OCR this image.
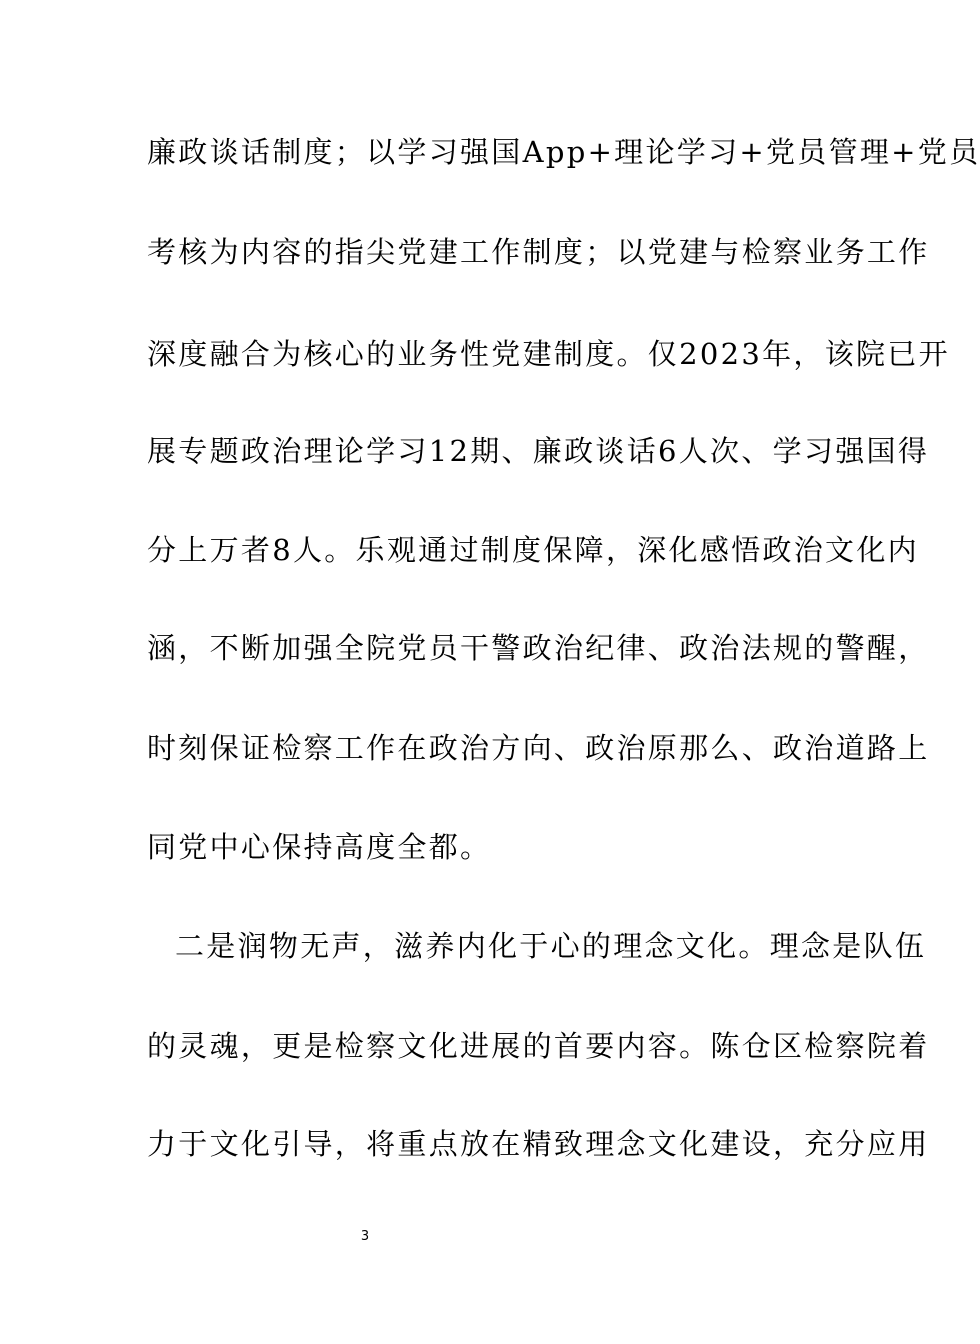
廉政谈话制度；以学习强国App+理论学习+党员管理+党员
考核为内容的指尖党建工作制度；以党建与检察业务工作
深度融合为核心的业务性党建制度。仅2023年，该院已开
展专题政治理论学习12期、廉政谈话6人次、学习强国得
分上万者8人。乐观通过制度保障，深化感悟政治文化内
涵，不断加强全院党员干警政治纪律、政治法规的警醒，
时刻保证检察工作在政治方向、政治原那么、政治道路上
同党中心保持高度全都。
二是润物无声，滋养内化于心的理念文化。理念是队伍
的灵魂，更是检察文化进展的首要内容。陈仓区检察院着
力于文化引导，将重点放在精致理念文化建设，充分应用
3
